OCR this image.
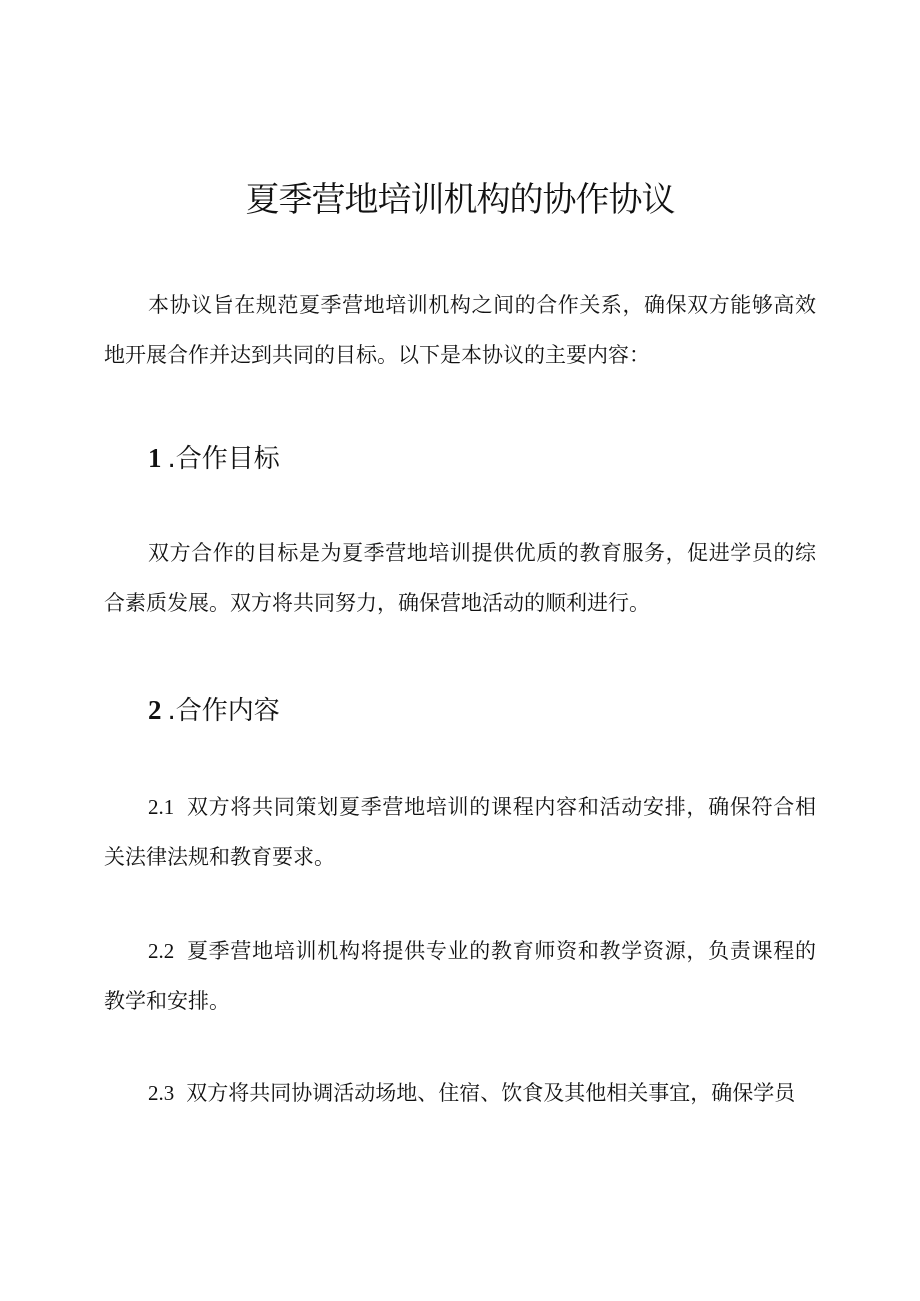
夏季营地培训机构的协作协议

本协议旨在规范夏季营地培训机构之间的合作关系，确保双方能够高效地开展合作并达到共同的目标。以下是本协议的主要内容：

1 .合作目标

双方合作的目标是为夏季营地培训提供优质的教育服务，促进学员的综合素质发展。双方将共同努力，确保营地活动的顺利进行。

2 .合作内容

2.1 双方将共同策划夏季营地培训的课程内容和活动安排，确保符合相关法律法规和教育要求。

2.2 夏季营地培训机构将提供专业的教育师资和教学资源，负责课程的教学和安排。

2.3 双方将共同协调活动场地、住宿、饮食及其他相关事宜，确保学员
